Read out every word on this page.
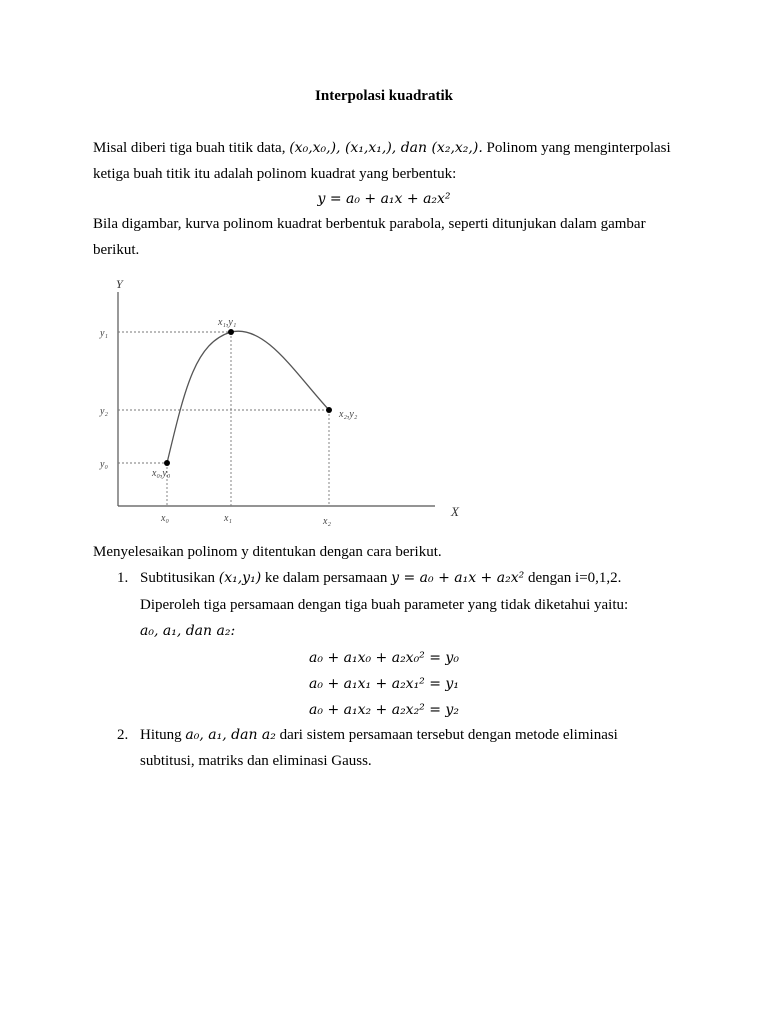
Interpolasi kuadratik
Misal diberi tiga buah titik data, (x₀,x₀,), (x₁,x₁,), dan (x₂,x₂,). Polinom yang menginterpolasi
ketiga buah titik itu adalah polinom kuadrat yang berbentuk:
y = a₀ + a₁x + a₂x²
Bila digambar, kurva polinom kuadrat berbentuk parabola, seperti ditunjukan dalam gambar
berikut.
Y
X
y₁
y₂
y₀
x₀	x₁	x₂
x₀,y₀
x₁,y₁
x₂,y₂
Menyelesaikan polinom y ditentukan dengan cara berikut.
1. Subtitusikan (x₁,y₁) ke dalam persamaan y = a₀ + a₁x + a₂x² dengan i=0,1,2.
Diperoleh tiga persamaan dengan tiga buah parameter yang tidak diketahui yaitu:
a₀, a₁, dan a₂:
a₀ + a₁x₀ + a₂x₀² = y₀
a₀ + a₁x₁ + a₂x₁² = y₁
a₀ + a₁x₂ + a₂x₂² = y₂
2. Hitung a₀, a₁, dan a₂ dari sistem persamaan tersebut dengan metode eliminasi
subtitusi, matriks dan eliminasi Gauss.
